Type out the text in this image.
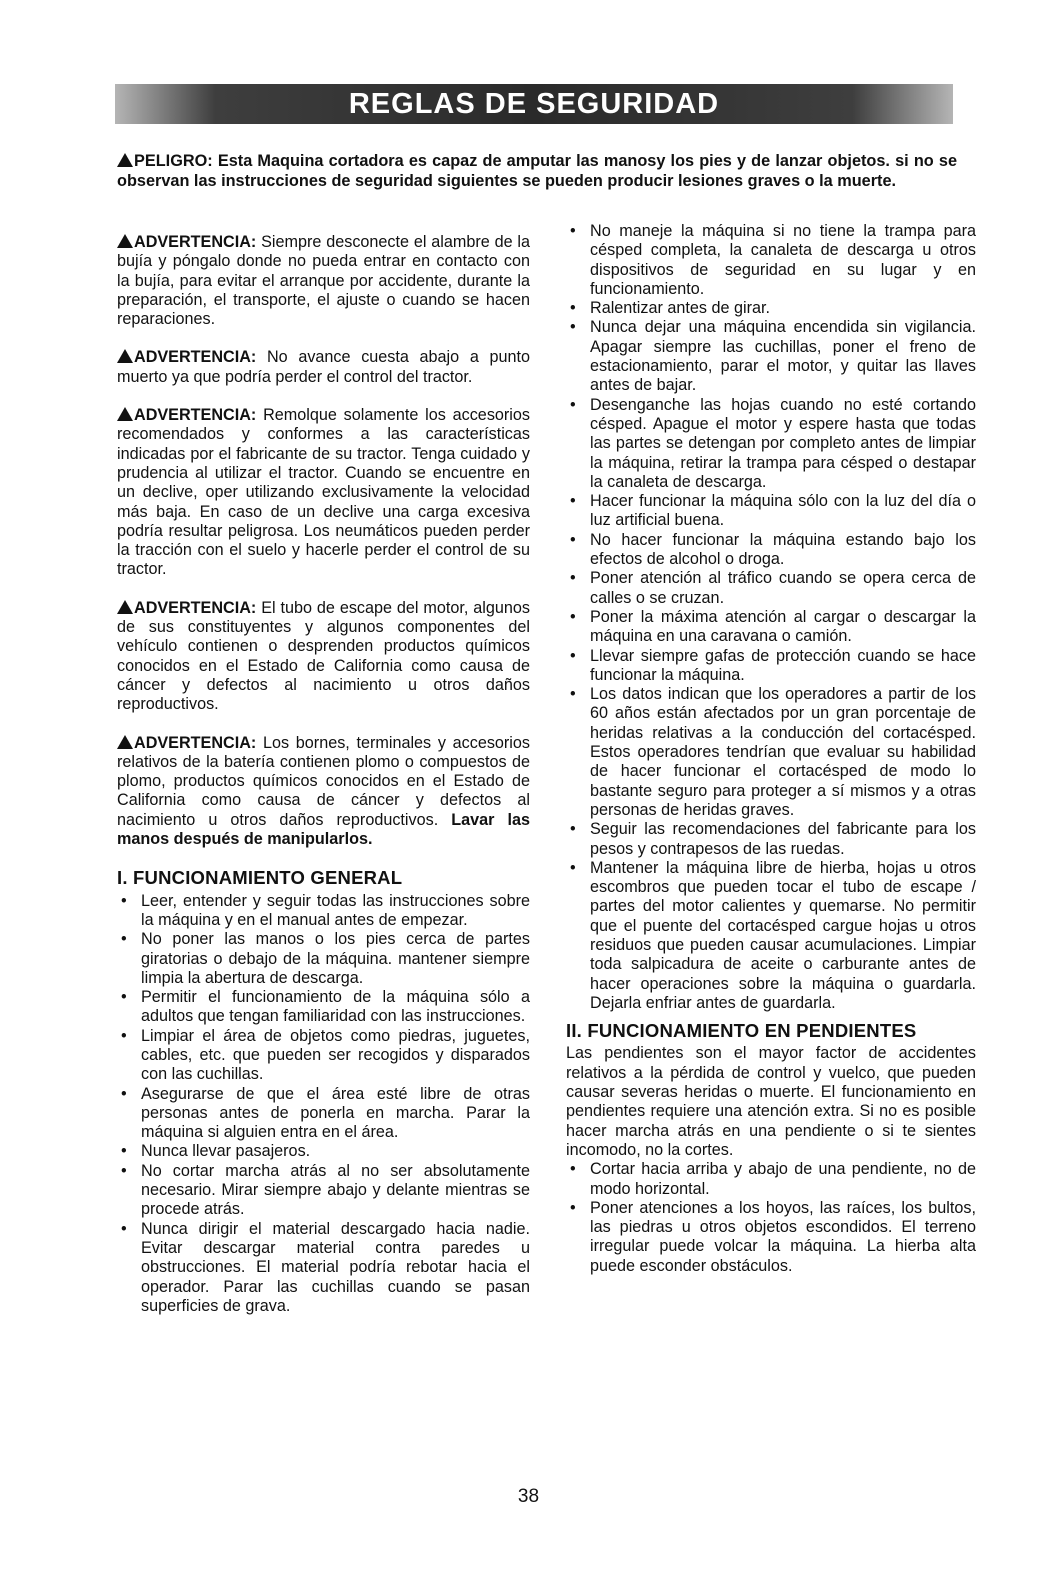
REGLAS DE SEGURIDAD
PELIGRO: Esta Maquina cortadora es capaz de amputar las manosy los pies y de lanzar objetos. si no se observan las instrucciones de seguridad siguientes se pueden producir lesiones graves o la muerte.

ADVERTENCIA: Siempre desconecte el alambre de la bujía y póngalo donde no pueda entrar en contacto con la bujía, para evitar el arranque por accidente, durante la preparación, el transporte, el ajuste o cuando se hacen reparaciones.

ADVERTENCIA: No avance cuesta abajo a punto muerto ya que podría perder el control del tractor.

ADVERTENCIA: Remolque solamente los accesorios recomendados y conformes a las características indicadas por el fabricante de su tractor. Tenga cuidado y prudencia al utilizar el tractor. Cuando se encuentre en un declive, oper utilizando exclusivamente la velocidad más baja. En caso de un declive una carga excesiva podría resultar peligrosa. Los neumáticos pueden perder la tracción con el suelo y hacerle perder el control de su tractor.

ADVERTENCIA: El tubo de escape del motor, algunos de sus constituyentes y algunos componentes del vehículo contienen o desprenden productos químicos conocidos en el Estado de California como causa de cáncer y defectos al nacimiento u otros daños reproductivos.

ADVERTENCIA: Los bornes, terminales y accesorios relativos de la batería contienen plomo o compuestos de plomo, productos químicos conocidos en el Estado de California como causa de cáncer y defectos al nacimiento u otros daños reproductivos. Lavar las manos después de manipularlos.

I. FUNCIONAMIENTO GENERAL
• Leer, entender y seguir todas las instrucciones sobre la máquina y en el manual antes de empezar.
• No poner las manos o los pies cerca de partes giratorias o debajo de la máquina. mantener siempre limpia la abertura de descarga.
• Permitir el funcionamiento de la máquina sólo a adultos que tengan familiaridad con las instrucciones.
• Limpiar el área de objetos como piedras, juguetes, cables, etc. que pueden ser recogidos y disparados con las cuchillas.
• Asegurarse de que el área esté libre de otras personas antes de ponerla en marcha. Parar la máquina si alguien entra en el área.
• Nunca llevar pasajeros.
• No cortar marcha atrás al no ser absolutamente necesario. Mirar siempre abajo y delante mientras se procede atrás.
• Nunca dirigir el material descargado hacia nadie. Evitar descargar material contra paredes u obstrucciones. El material podría rebotar hacia el operador. Parar las cuchillas cuando se pasan superficies de grava.
• No maneje la máquina si no tiene la trampa para césped completa, la canaleta de descarga u otros dispositivos de seguridad en su lugar y en funcionamiento.
• Ralentizar antes de girar.
• Nunca dejar una máquina encendida sin vigilancia. Apagar siempre las cuchillas, poner el freno de estacionamiento, parar el motor, y quitar las llaves antes de bajar.
• Desenganche las hojas cuando no esté cortando césped. Apague el motor y espere hasta que todas las partes se detengan por completo antes de limpiar la máquina, retirar la trampa para césped o destapar la canaleta de descarga.
• Hacer funcionar la máquina sólo con la luz del día o luz artificial buena.
• No hacer funcionar la máquina estando bajo los efectos de alcohol o droga.
• Poner atención al tráfico cuando se opera cerca de calles o se cruzan.
• Poner la máxima atención al cargar o descargar la máquina en una caravana o camión.
• Llevar siempre gafas de protección cuando se hace funcionar la máquina.
• Los datos indican que los operadores a partir de los 60 años están afectados por un gran porcentaje de heridas relativas a la conducción del cortacésped. Estos operadores tendrían que evaluar su habilidad de hacer funcionar el cortacésped de modo lo bastante seguro para proteger a sí mismos y a otras personas de heridas graves.
• Seguir las recomendaciones del fabricante para los pesos y contrapesos de las ruedas.
• Mantener la máquina libre de hierba, hojas u otros escombros que pueden tocar el tubo de escape / partes del motor calientes y quemarse. No permitir que el puente del cortacésped cargue hojas u otros residuos que pueden causar acumulaciones. Limpiar toda salpicadura de aceite o carburante antes de hacer operaciones sobre la máquina o guardarla. Dejarla enfriar antes de guardarla.
II. FUNCIONAMIENTO EN PENDIENTES

Las pendientes son el mayor factor de accidentes relativos a la pérdida de control y vuelco, que pueden causar severas heridas o muerte. El funcionamiento en pendientes requiere una atención extra. Si no es posible hacer marcha atrás en una pendiente o si te sientes incomodo, no la cortes.

• Cortar hacia arriba y abajo de una pendiente, no de modo horizontal.
• Poner atenciones a los hoyos, las raíces, los bultos, las piedras u otros objetos escondidos. El terreno irregular puede volcar la máquina. La hierba alta puede esconder obstáculos.
38
